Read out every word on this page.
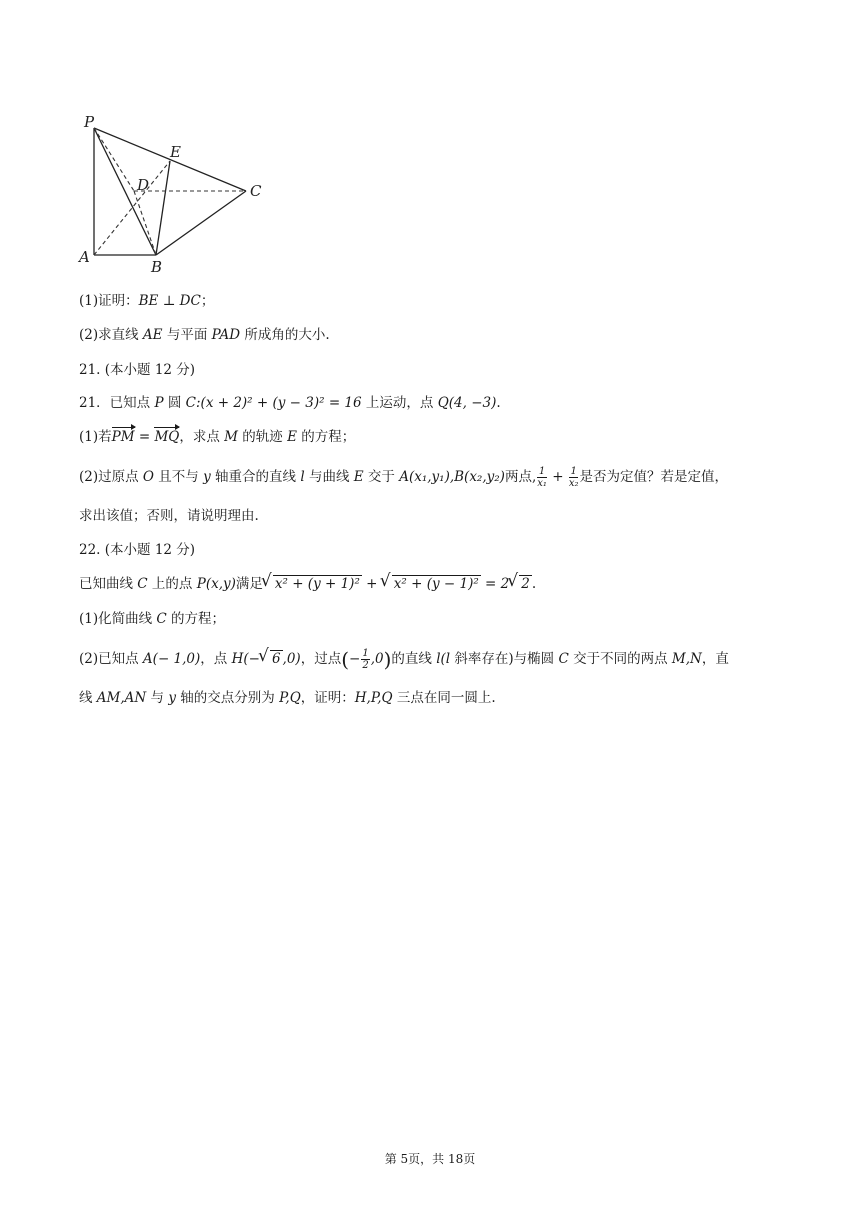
P
E
D	C
A
B
(1)证明：BE ⊥ DC；
(2)求直线 AE 与平面 PAD 所成角的大小.
21. (本小题 12 分)
21．已知点 P 圆 C:(x + 2)² + (y − 3)² = 16 上运动，点 Q(4, −3).
(1)若PM = MQ，求点 M 的轨迹 E 的方程；
(2)过原点 O 且不与 y 轴重合的直线 l 与曲线 E 交于 A(x₁,y₁),B(x₂,y₂)两点, $\frac{1}{\text{x₁}} + \frac{1}{\text{x₂}}$ 是否为定值？若是定值，
求出该值；否则，请说明理由.
22. (本小题 12 分)
已知曲线 C 上的点 P(x,y)满足 √ x² + (y + 1)² + √ x² + (y − 1)² = 2 √ 2 .
(1)化简曲线 C 的方程；
(2)已知点 A(− 1,0)，点 H(− √ 6 ,0)，过点(− $\frac{1}{2} ,0$)的直线 l(l 斜率存在)与椭圆 C 交于不同的两点 M,N，直
线 AM,AN 与 y 轴的交点分别为 P,Q，证明：H,P,Q 三点在同一圆上.
第 5页，共 18页
